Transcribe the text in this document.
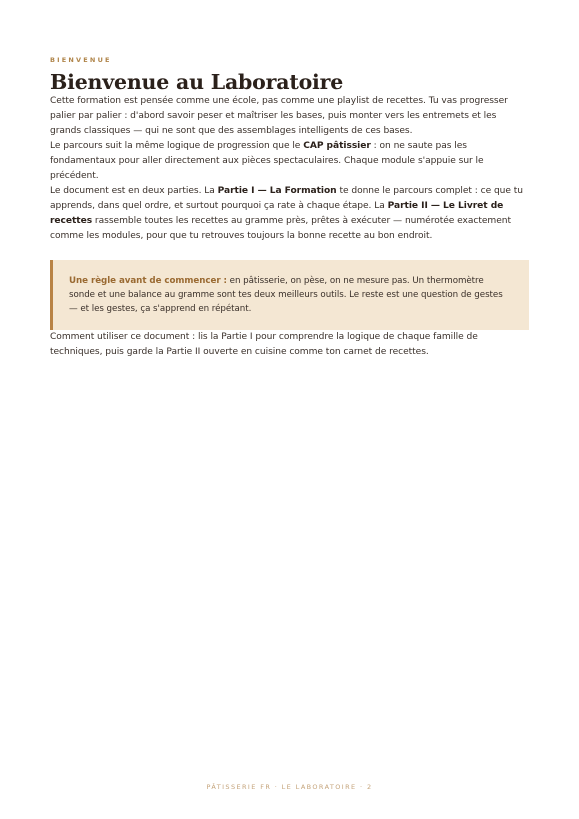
BIENVENUE

Bienvenue au Laboratoire

Cette formation est pensée comme une école, pas comme une playlist de recettes. Tu vas progresser palier par palier : d'abord savoir peser et maîtriser les bases, puis monter vers les entremets et les grands classiques — qui ne sont que des assemblages intelligents de ces bases.

Le parcours suit la même logique de progression que le CAP pâtissier : on ne saute pas les fondamentaux pour aller directement aux pièces spectaculaires. Chaque module s'appuie sur le précédent.

Le document est en deux parties. La Partie I — La Formation te donne le parcours complet : ce que tu apprends, dans quel ordre, et surtout pourquoi ça rate à chaque étape. La Partie II — Le Livret de recettes rassemble toutes les recettes au gramme près, prêtes à exécuter — numérotée exactement comme les modules, pour que tu retrouves toujours la bonne recette au bon endroit.

Une règle avant de commencer : en pâtisserie, on pèse, on ne mesure pas. Un thermomètre sonde et une balance au gramme sont tes deux meilleurs outils. Le reste est une question de gestes — et les gestes, ça s'apprend en répétant.

Comment utiliser ce document : lis la Partie I pour comprendre la logique de chaque famille de techniques, puis garde la Partie II ouverte en cuisine comme ton carnet de recettes.

PÂTISSERIE FR · LE LABORATOIRE · 2
